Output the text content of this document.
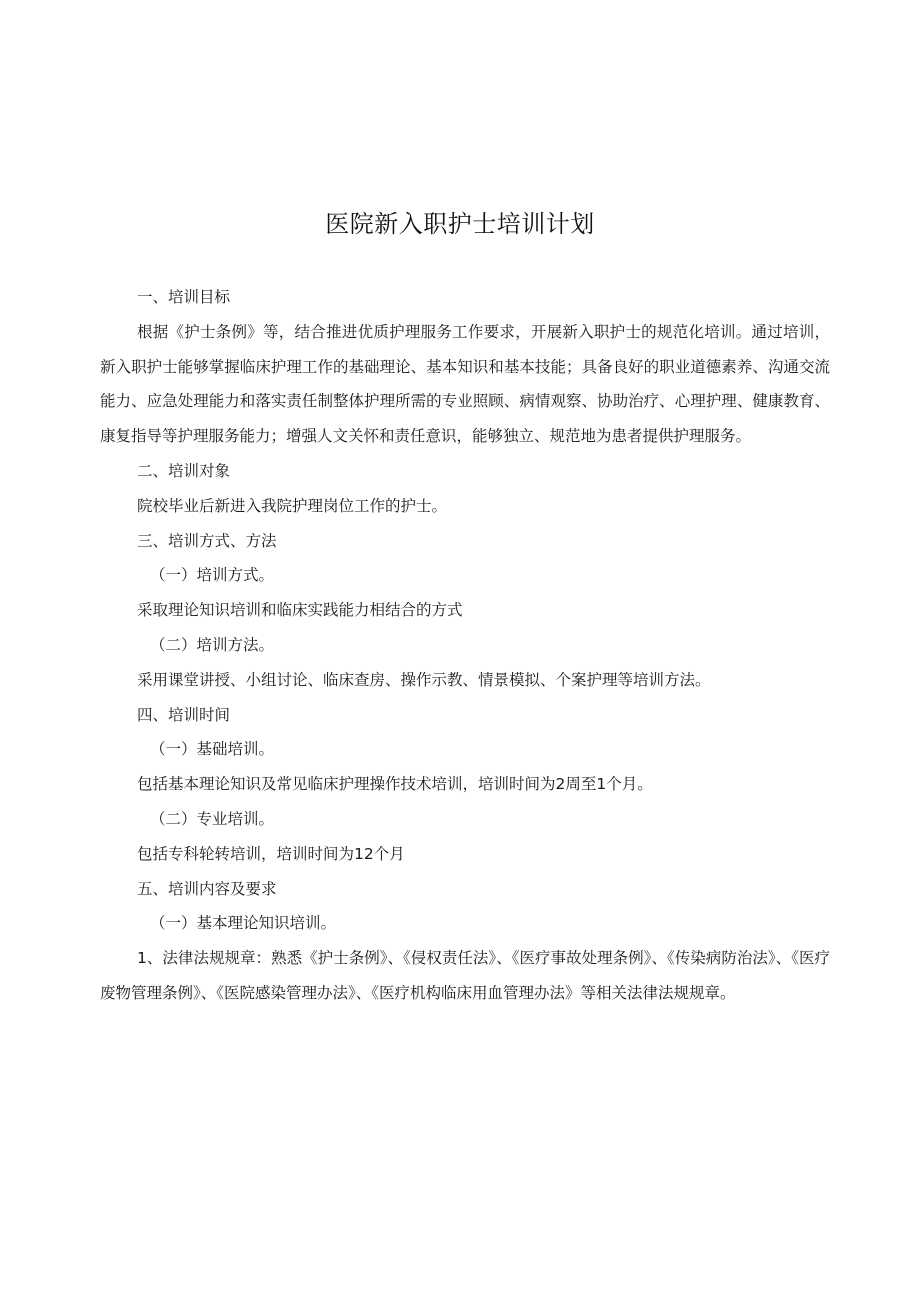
医院新入职护士培训计划

一、培训目标

根据《护士条例》等，结合推进优质护理服务工作要求，开展新入职护士的规范化培训。通过培训，新入职护士能够掌握临床护理工作的基础理论、基本知识和基本技能；具备良好的职业道德素养、沟通交流能力、应急处理能力和落实责任制整体护理所需的专业照顾、病情观察、协助治疗、心理护理、健康教育、康复指导等护理服务能力；增强人文关怀和责任意识，能够独立、规范地为患者提供护理服务。

二、培训对象

院校毕业后新进入我院护理岗位工作的护士。

三、培训方式、方法

（一）培训方式。

采取理论知识培训和临床实践能力相结合的方式

（二）培训方法。

采用课堂讲授、小组讨论、临床查房、操作示教、情景模拟、个案护理等培训方法。

四、培训时间

（一）基础培训。

包括基本理论知识及常见临床护理操作技术培训，培训时间为2周至1个月。

（二）专业培训。

包括专科轮转培训，培训时间为12个月

五、培训内容及要求

（一）基本理论知识培训。

1、法律法规规章：熟悉《护士条例》、《侵权责任法》、《医疗事故处理条例》、《传染病防治法》、《医疗废物管理条例》、《医院感染管理办法》、《医疗机构临床用血管理办法》等相关法律法规规章。
